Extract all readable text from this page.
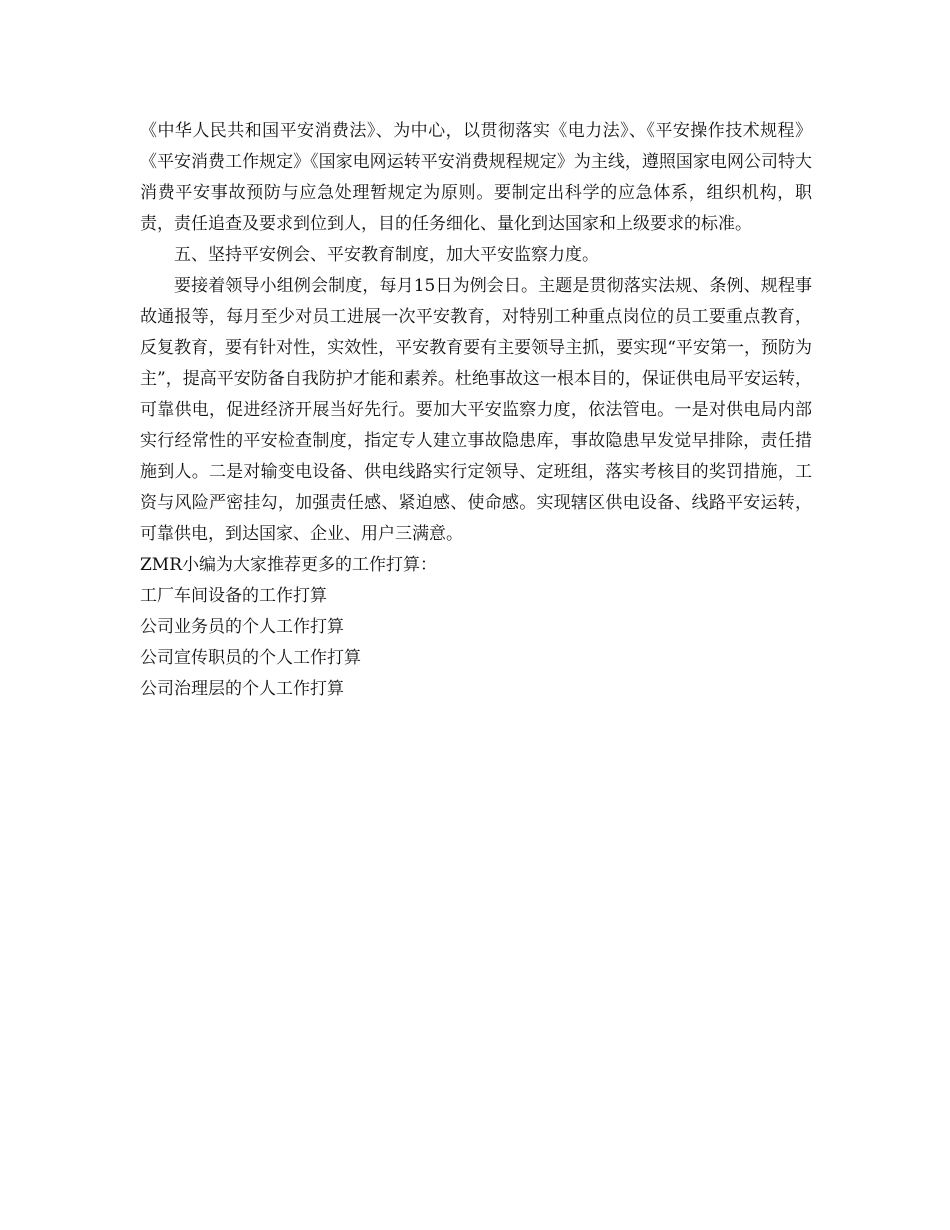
《中华人民共和国平安消费法》、为中心，以贯彻落实《电力法》、《平安操作技术规程》《平安消费工作规定》《国家电网运转平安消费规程规定》为主线，遵照国家电网公司特大消费平安事故预防与应急处理暂规定为原则。要制定出科学的应急体系，组织机构，职责，责任追查及要求到位到人，目的任务细化、量化到达国家和上级要求的标准。

五、坚持平安例会、平安教育制度，加大平安监察力度。

要接着领导小组例会制度，每月15日为例会日。主题是贯彻落实法规、条例、规程事故通报等，每月至少对员工进展一次平安教育，对特别工种重点岗位的员工要重点教育，反复教育，要有针对性，实效性，平安教育要有主要领导主抓，要实现“平安第一，预防为主”，提高平安防备自我防护才能和素养。杜绝事故这一根本目的，保证供电局平安运转，可靠供电，促进经济开展当好先行。要加大平安监察力度，依法管电。一是对供电局内部实行经常性的平安检查制度，指定专人建立事故隐患库，事故隐患早发觉早排除，责任措施到人。二是对输变电设备、供电线路实行定领导、定班组，落实考核目的奖罚措施，工资与风险严密挂勾，加强责任感、紧迫感、使命感。实现辖区供电设备、线路平安运转，可靠供电，到达国家、企业、用户三满意。

ZMR小编为大家推荐更多的工作打算：

工厂车间设备的工作打算
公司业务员的个人工作打算
公司宣传职员的个人工作打算
公司治理层的个人工作打算
